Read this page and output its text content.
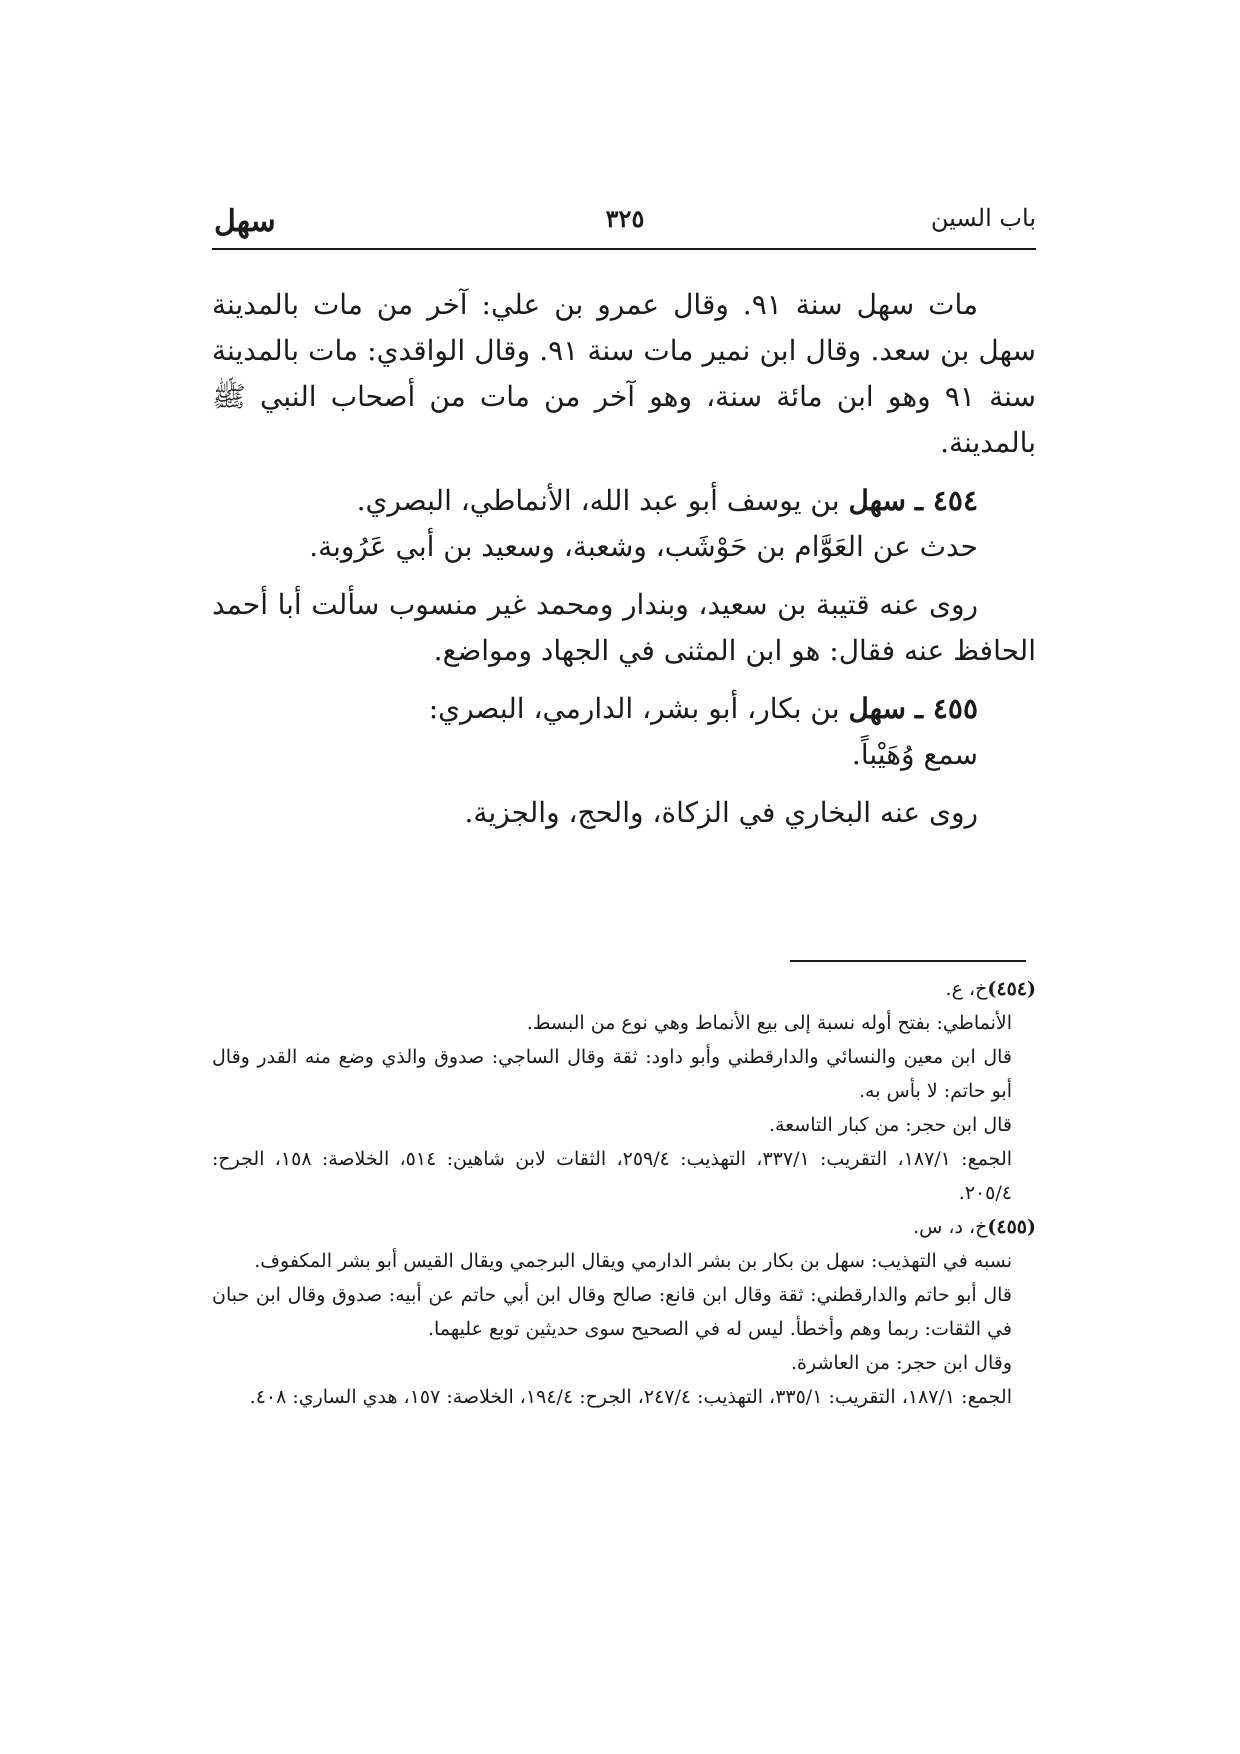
باب السين
٣٢٥
سهل

مات سهل سنة ٩١. وقال عمرو بن علي: آخر من مات بالمدينة سهل بن سعد. وقال ابن نمير مات سنة ٩١. وقال الواقدي: مات بالمدينة سنة ٩١ وهو ابن مائة سنة، وهو آخر من مات من أصحاب النبي ﷺ بالمدينة.

٤٥٤ ـ سهل بن يوسف أبو عبد الله، الأنماطي، البصري.

حدث عن العَوَّام بن حَوْشَب، وشعبة، وسعيد بن أبي عَرُوبة.

روى عنه قتيبة بن سعيد، وبندار ومحمد غير منسوب سألت أبا أحمد الحافظ عنه فقال: هو ابن المثنى في الجهاد ومواضع.

٤٥٥ ـ سهل بن بكار، أبو بشر، الدارمي، البصري:

سمع وُهَيْباً.

روى عنه البخاري في الزكاة، والحج، والجزية.

(٤٥٤)خ، ع.

الأنماطي: بفتح أوله نسبة إلى بيع الأنماط وهي نوع من البسط.

قال ابن معين والنسائي والدارقطني وأبو داود: ثقة وقال الساجي: صدوق والذي وضع منه القدر وقال أبو حاتم: لا بأس به.

قال ابن حجر: من كبار التاسعة.

الجمع: ١٨٧/١، التقريب: ٣٣٧/١، التهذيب: ٢٥٩/٤، الثقات لابن شاهين: ٥١٤، الخلاصة: ١٥٨، الجرح: ٢٠٥/٤.

(٤٥٥)خ، د، س.

نسبه في التهذيب: سهل بن بكار بن بشر الدارمي ويقال البرجمي ويقال القيس أبو بشر المكفوف.

قال أبو حاتم والدارقطني: ثقة وقال ابن قانع: صالح وقال ابن أبي حاتم عن أبيه: صدوق وقال ابن حبان في الثقات: ربما وهم وأخطأ. ليس له في الصحيح سوى حديثين توبع عليهما.

وقال ابن حجر: من العاشرة.

الجمع: ١٨٧/١، التقريب: ٣٣٥/١، التهذيب: ٢٤٧/٤، الجرح: ١٩٤/٤، الخلاصة: ١٥٧، هدي الساري: ٤٠٨.
